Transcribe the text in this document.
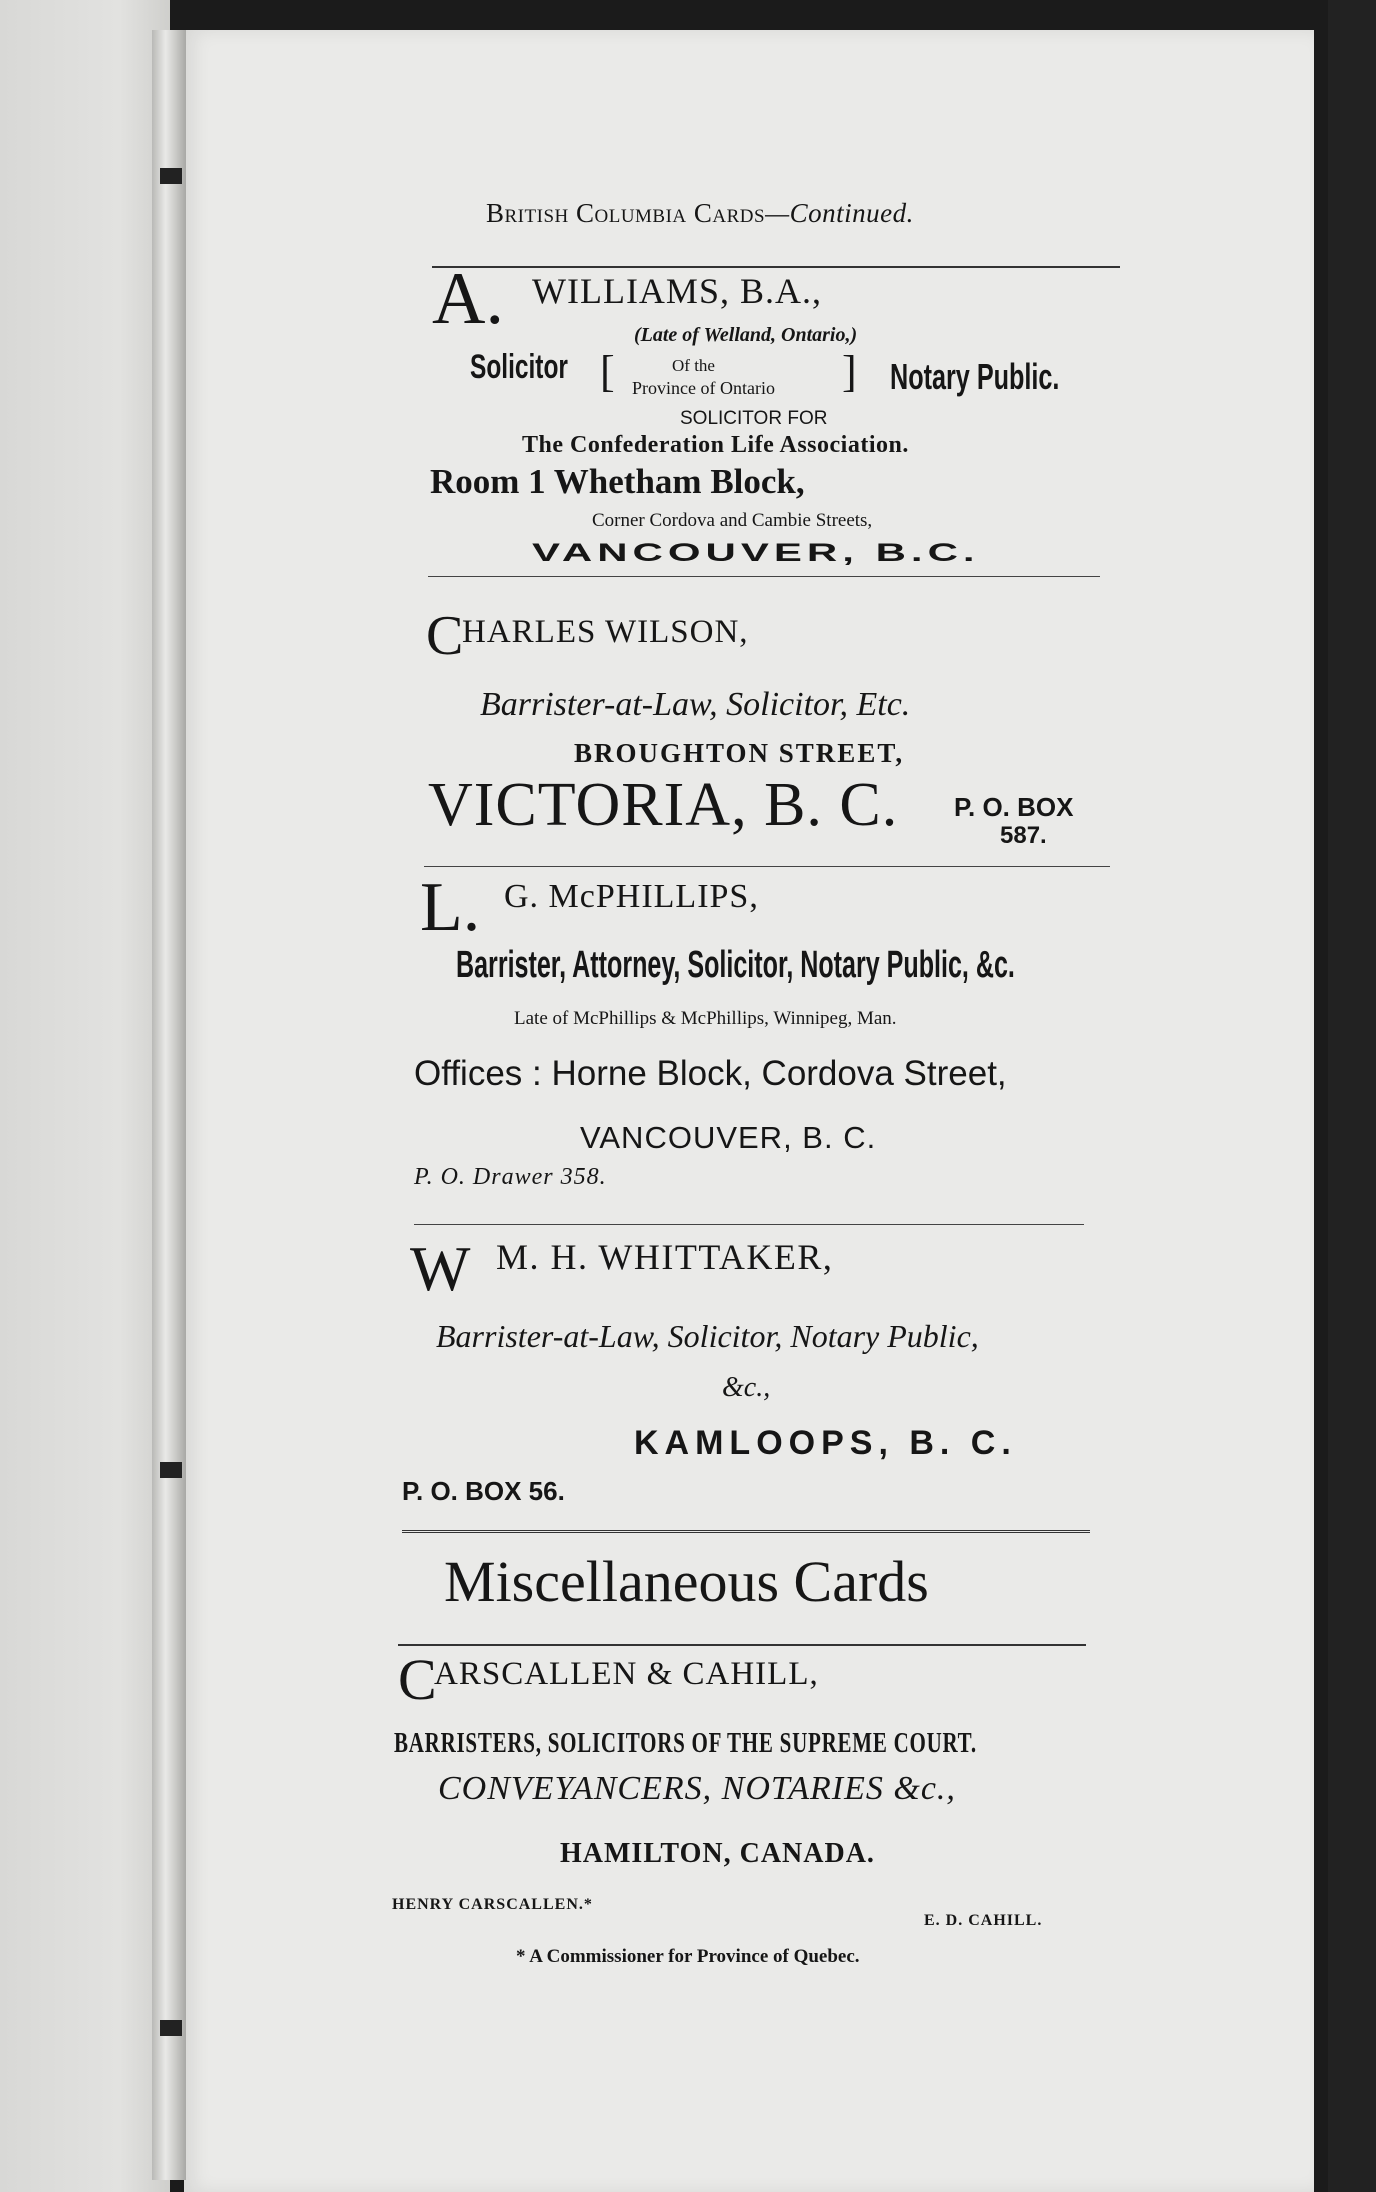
British Columbia Cards—Continued.
A. WILLIAMS, B.A.,
(Late of Welland, Ontario,)
Solicitor [	Of the
Province of Ontario ] Notary Public.
SOLICITOR FOR
The Confederation Life Association.
Room 1 Whetham Block,
Corner Cordova and Cambie Streets,
VANCOUVER, B.C.
C
HARLES WILSON,
Barrister-at-Law, Solicitor, Etc.
BROUGHTON STREET,
VICTORIA, B. C. P. O. BOX
587.
L. G. McPHILLIPS,
Barrister, Attorney, Solicitor, Notary Public, &c.
Late of McPhillips & McPhillips, Winnipeg, Man.
Offices : Horne Block, Cordova Street,
VANCOUVER, B. C.
P. O. Drawer 358.
W M. H. WHITTAKER,
Barrister-at-Law, Solicitor, Notary Public,
&c.,
KAMLOOPS, B. C.
P. O. BOX 56.
Miscellaneous Cards
C
ARSCALLEN & CAHILL,
BARRISTERS, SOLICITORS OF THE SUPREME COURT.
CONVEYANCERS, NOTARIES &c.,
HAMILTON, CANADA.
HENRY CARSCALLEN.*
E. D. CAHILL.
* A Commissioner for Province of Quebec.
